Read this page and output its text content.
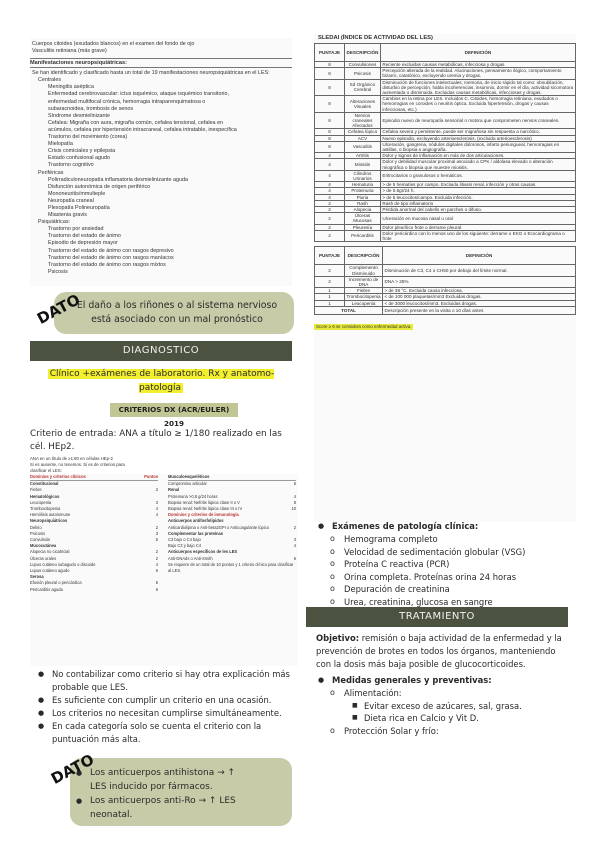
Cuerpos citoides (exudados blancos) en el examen del fondo de ojo
Vasculitis retiniana (más grave)
Manifestaciones neuropsiquiátricas:
Se han identificado y clasificado hasta un total de 19 manifestaciones neuropsiquiátricas en el LES:
Centrales
Meningitis aséptica
Enfermedad cerebrovascular: ictus isquémico, ataque isquémico transitorio,
enfermedad multifocal crónica, hemorragia intraparenquimatosa o
subaracnoidea, trombosis de senos
Síndrome desmielinizante
Cefalea: Migraña con aura, migraña común, cefalea tensional, cefalea en
acúmulos, cefalea por hipertensión intracraneal, cefalea intratable, inespecífica
Trastorno del movimiento (corea)
Mielopatía
Crisis comiciales y epilepsia
Estado confusional agudo
Trastorno cognitivo
Periféricas
Polirradiculoneuropatía inflamatoria desmielinizante aguda
Disfunción autonómica de origen periférico
Mononeuritis/mmulteple
Neuropatía craneal
Plexopatía Polineuropatía
Miastenia gravis
Psiquiátricas:
Trastorno por ansiedad
Trastorno del estado de ánimo
Episodio de depresión mayor
Trastorno del estado de ánimo con rasgos depresivo
Trastorno del estado de ánimo con rasgos maníacos
Trastorno del estado de ánimo con rasgos mixtos
Psicosis
El daño a los riñones o al sistema nervioso está asociado con un mal pronóstico
DATO
DIAGNOSTICO
Clínico +exámenes de laboratorio. Rx y anatomo-patología
CRITERIOS DX (ACR/EULER) 2019
Criterio de entrada: ANA a título ≥ 1/180 realizado en las cél. HEp2.
ANA en un título de ≥1:80 en células HEp-2
Si es ausente, no tenemos. Si es de criterios para clasificar el LES:
Dominios y criterios clínicos	Puntos
Constitucional
Fiebre	2
Hematológicos
Leucopenia	3
Trombocitopenia	4
Hemólisis autoinmune	4
Neuropsiquiátricos
Delirio	2
Psicosis	3
Convulsión	5
Mucocutánea
Alopecia no cicatricial	2
Úlceras orales	2
Lupus cutáneo subagudo o discoide	4
Lupus cutáneo agudo	6
Serosa
Efusión pleural o pericárdica	5
Pericarditis aguda	6
Musculoesqueléticos
Compromiso articular	6
Renal
Proteinuria >0.5 g/24 horas	4
Biopsia renal: Nefritis lúpica clase II o V	8
Biopsia renal: Nefritis lúpica clase III o IV	10
Dominios y criterios de inmunología
Anticuerpos antifosfolípidos
Anticardiolipina o Anti-beta2GPI o Anticoagulante lúpico	2
Complementar las proteínas
C3 bajo o C4 bajo	3
Bajo C3 y bajo C4	4
Anticuerpos específicos de les LES
Anti-DNAds o Anti-Smith	6
Se requiere de un total de 10 puntos y 1 criterio clínico para clasificar al LES.
● No contabilizar como criterio si hay otra explicación más probable que LES.
● Es suficiente con cumplir un criterio en una ocasión.
● Los criterios no necesitan cumplirse simultáneamente.
● En cada categoría solo se cuenta el criterio con la puntuación más alta.
● Los anticuerpos antihistona → ↑ LES inducido por fármacos.
● Los anticuerpos anti-Ro → ↑ LES neonatal.
DATO
SLEDAI (ÍNDICE DE ACTIVIDAD DEL LES)
PUNTAJE	DESCRIPCIÓN	DEFINICIÓN
8	Convulsiones	Reciente excluidas causas metabólicas, infecciosa y drogas
8	Psicosis	Percepción alterada de la realidad. Alucinaciones, pensamiento ilógico, comportamiento bizarro, catatónico, excluyendo uremia y drogas.
8	Sd Orgánico Cerebral	Disminución de funciones intelectuales, memoria, de inicio rápido tal como: obnubilación, disturbio de percepción, habla incoherencias, insomnio, dormir en el día, actividad sicomotora aumentada o disminuida. Excluidas causas metabólicas, infecciosas y drogas.
8	Alteraciones Visuales	Cambios en la retina por LES. Incluidos C. Citoides, hemorragia retiniana, exudados o hemorragias en coroides o neuritis óptica. Excluida hipertensión, drogas y causas infecciosas, etc.)
8	Nervios craneales Afectados	Episodio nuevo de neuropatía sensorial o motora que comprometen nervios craneales.
8	Cefalea lúpica	Cefalea severa y persistente, puede ser migrañosa sin respuesta a narcótico.
8	ACV	Nuevo episodio, excluyendo arterioesclerosis. (excluida arterioesclerosis)
8	Vasculitis	Ulceración, gangrena, nódulos digitales dolorosos, infarto periungueal, hemorragias en astillas, o biopsia o angiografía.
4	Artritis	Dolor y signos de inflamación en más de dos articulaciones.
4	Miositis	Dolor y debilidad muscular proximal asociado a CPK / aldolasa elevado o alteración miográfica o biopsia que muestre miositis.
4	Cilindros Urinarios	Eritrocitarios o granulosos o hemáticos.
4	Hematuria	> de 5 hematíes por campo. Excluida litiasis renal, infección y otras causas.
4	Proteinuria	> de 0.5gr/24 h.
4	Piuria	> de 5 leucocitos/campo. Excluida infección.
2	Rash	Rash de tipo inflamatorio
2	Alopecia	Pérdida anormal del cabello en parches o difuso.
2	Úlceras Mucosas	Ulceración en mucosa nasal u oral
2	Pleuresía	Dolor pleurítico frote o derrame pleural.
2	Pericarditis	Dolor pericárdico con lo menos uno de los siguiente: derrame o EKG o Ecocardiograma o frote
PUNTAJE	DESCRIPCIÓN	DEFINICIÓN
2	Complemento Disminuido	Disminución de C3, C4 o CH50 por debajo del límite normal.
2	Incremento de DNA	DNA > 25%
1	Fiebre	> de 38 °C. Excluida causa infecciosa.
1	Trombocitopenia	< de 100 000 plaquetas/mm3 Excluidas drogas.
1	Leucopenia	< de 3000 leucocitos/mm3. Excluidas drogas.
TOTAL		Descripción presente en la visita o 10 días antes
Score ≥ 6 se considera como enfermedad activa.
● Exámenes de patología clínica:
o Hemograma completo
o Velocidad de sedimentación globular (VSG)
o Proteína C reactiva (PCR)
o Orina completa. Proteínas orina 24 horas
o Depuración de creatinina
o Urea, creatinina, glucosa en sangre
o
TRATAMIENTO
Objetivo: remisión o baja actividad de la enfermedad y la prevención de brotes en todos los órganos, manteniendo con la dosis más baja posible de glucocorticoides.
● Medidas generales y preventivas:
o Alimentación:
■ Evitar exceso de azúcares, sal, grasa.
■ Dieta rica en Calcio y Vit D.
o Protección Solar y frío:
